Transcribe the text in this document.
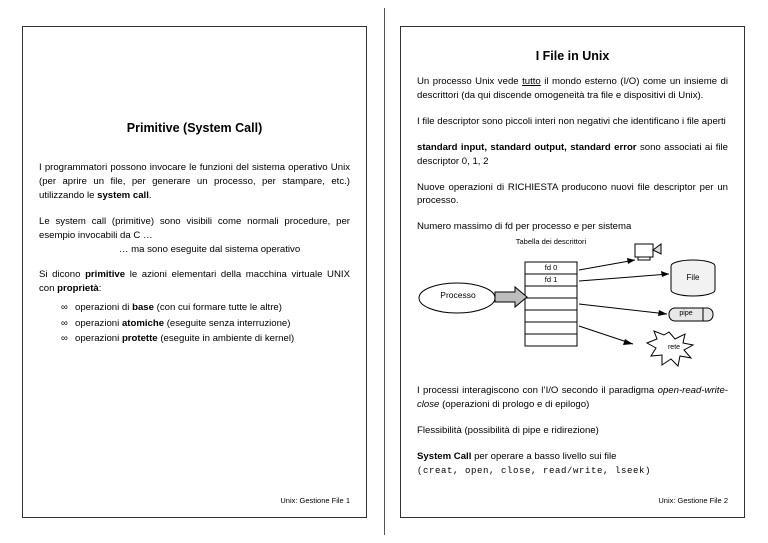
Primitive (System Call)

I programmatori possono invocare le funzioni del sistema operativo Unix (per aprire un file, per generare un processo, per stampare, etc.) utilizzando le system call.

Le system call (primitive) sono visibili come normali procedure, per esempio invocabili da C …
… ma sono eseguite dal sistema operativo

Si dicono primitive le azioni elementari della macchina virtuale UNIX con proprietà:

∞ operazioni di base (con cui formare tutte le altre)
∞ operazioni atomiche (eseguite senza interruzione)
∞ operazioni protette (eseguite in ambiente di kernel)
Unix: Gestione File 1
I File in Unix

Un processo Unix vede tutto il mondo esterno (I/O) come un insieme di descrittori (da qui discende omogeneità tra file e dispositivi di Unix).

I file descriptor sono piccoli interi non negativi che identificano i file aperti

standard input, standard output, standard error sono associati ai file descriptor 0, 1, 2

Nuove operazioni di RICHIESTA producono nuovi file descriptor per un processo.

Numero massimo di fd per processo e per sistema

Tabella dei descrittori
Processo
fd 0
fd 1	File
pipe
rete

I processi interagiscono con l’I/O secondo il paradigma open-read-write-close (operazioni di prologo e di epilogo)

Flessibilità (possibilità di pipe e ridirezione)

System Call per operare a basso livello sui file
(creat, open, close, read/write, lseek)

Unix: Gestione File 2
